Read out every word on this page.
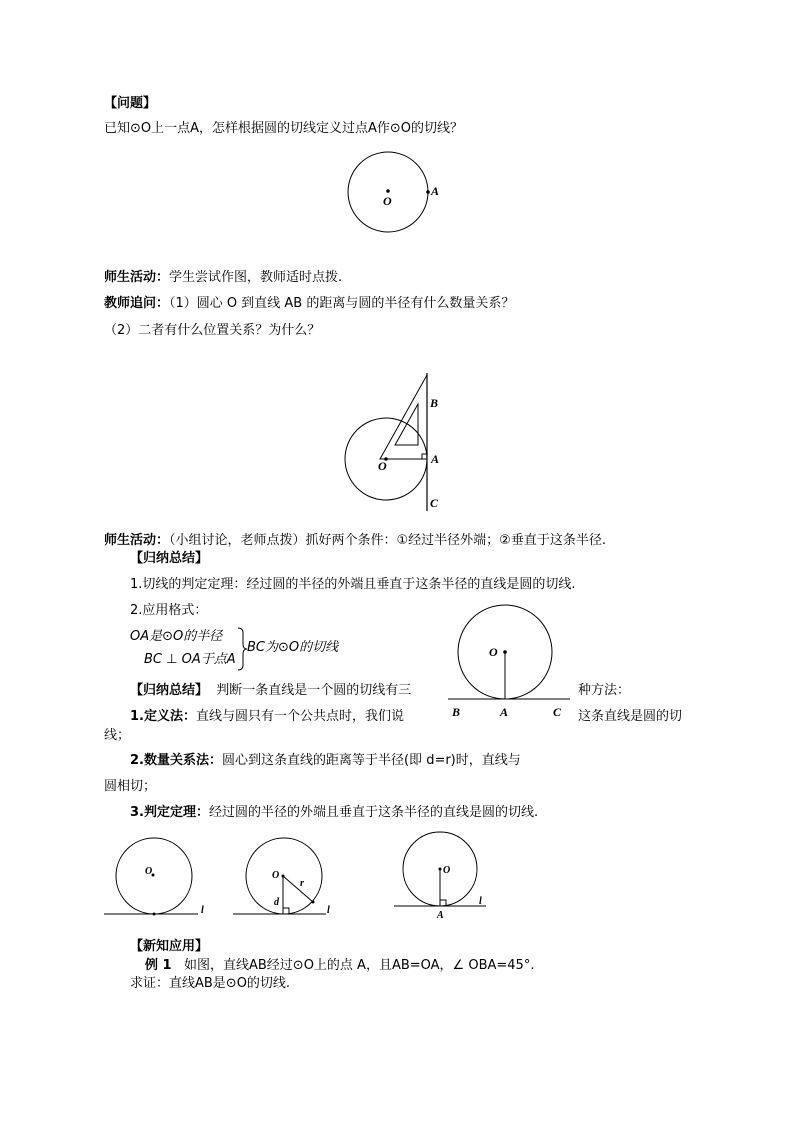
【问题】
已知⊙O上一点A，怎样根据圆的切线定义过点A作⊙O的切线？
O
A
师生活动：学生尝试作图，教师适时点拨.
教师追问：（1）圆心 O 到直线 AB 的距离与圆的半径有什么数量关系？
（2）二者有什么位置关系？为什么？
O
B
A
C
师生活动：（小组讨论，老师点拨）抓好两个条件：①经过半径外端；②垂直于这条半径.
【归纳总结】
1.切线的判定定理：经过圆的半径的外端且垂直于这条半径的直线是圆的切线.
2.应用格式：
OA是⊙O的半径
BC ⊥ OA于点A
BC为⊙O的切线	O
B	A	C
【归纳总结】 判断一条直线是一个圆的切线有三	种方法：
1.定义法：直线与圆只有一个公共点时，我们说	这条直线是圆的切
线；
2.数量关系法：圆心到这条直线的距离等于半径(即 d=r)时，直线与
圆相切；
3.判定定理：经过圆的半径的外端且垂直于这条半径的直线是圆的切线.
O
l
O
r
d
l
O
A
l
【新知应用】
例 1 如图，直线AB经过⊙O上的点 A，且AB=OA，∠ OBA=45°.
求证：直线AB是⊙O的切线.
